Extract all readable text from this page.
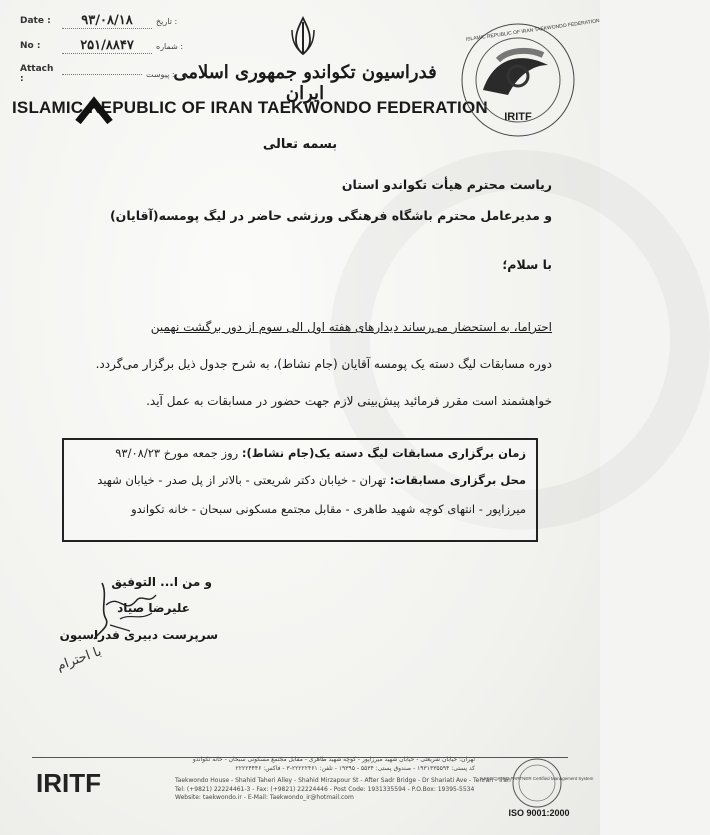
Date :	۹۳/۰۸/۱۸	: تاریخ
No :	۲۵۱/۸۸۴۷	: شماره
Attach :	: پیوست
فدراسیون تکواندو جمهوری اسلامی ایران
ISLAMIC REPUBLIC OF IRAN TAEKWONDO FEDERATION IRITF
ISLAMIC REPUBLIC OF IRAN TAEKWONDO FEDERATION
بسمه تعالی
ریاست محترم هیأت تکواندو استان
و مدیرعامل محترم باشگاه فرهنگی ورزشی حاضر در لیگ پومسه(آقایان)
با سلام؛
احتراما، به استحضار می‌رساند دیدارهای هفته اول الی سوم از دور برگشت نهمین
دوره مسابقات لیگ دسته یک پومسه آقایان (جام نشاط)، به شرح جدول ذیل برگزار می‌گردد.
خواهشمند است مقرر فرمائید پیش‌بینی لازم جهت حضور در مسابقات به عمل آید.
زمان برگزاری مسابقات لیگ دسته یک(جام نشاط): روز جمعه مورخ ۹۳/۰۸/۲۳
محل برگزاری مسابقات: تهران - خیابان دکتر شریعتی - بالاتر از پل صدر - خیابان شهید
میرزاپور - انتهای کوچه شهید طاهری - مقابل مجتمع مسکونی سبحان - خانه تکواندو
و من ا... التوفیق
علیرضا صیاد
سرپرست دبیری فدراسیون
با احترام
IRITF
تهران: خیابان شریعتی - خیابان شهید میرزاپور - کوچه شهید طاهری - مقابل مجتمع مسکونی سبحان - خانه تکواندو
کد پستی: ۱۹۳۱۳۳۵۵۹۴ - صندوق پستی: ۵۵۳۴ - ۱۹۳۹۵ - تلفن: ۲۲۲۲۲۴۶۱-۳ - فاکس: ۲۲۲۲۴۴۴۶
Taekwondo House - Shahid Taheri Alley - Shahid Mirzapour St - After Sadr Bridge - Dr Shariati Ave - Tehran - Iran
Tel: (+9821) 22224461-3 - Fax: (+9821) 22224446 - Post Code: 1931335594 - P.O.Box: 19395-5534
Website: taekwondo.ir - E-Mail: Taekwondo_ir@hotmail.com
ASSOCIATED PARTNER Certified Management System
ISO 9001:2000
